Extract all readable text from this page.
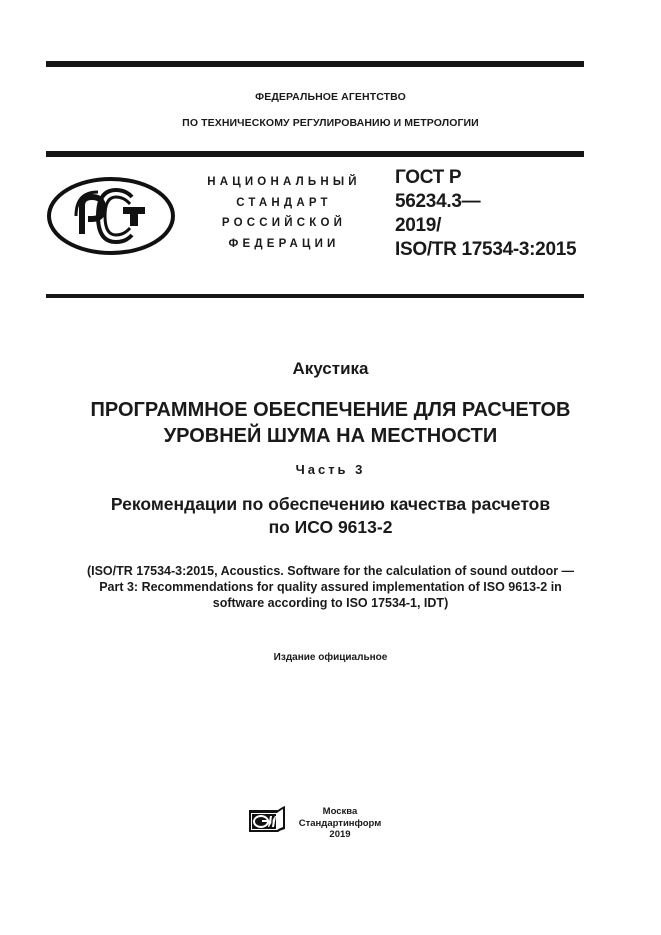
ФЕДЕРАЛЬНОЕ АГЕНТСТВО
ПО ТЕХНИЧЕСКОМУ РЕГУЛИРОВАНИЮ И МЕТРОЛОГИИ
НАЦИОНАЛЬНЫЙ
СТАНДАРТ
РОССИЙСКОЙ
ФЕДЕРАЦИИ
ГОСТ Р
56234.3—
2019/
ISO/TR 17534-3:2015
Акустика
ПРОГРАММНОЕ ОБЕСПЕЧЕНИЕ ДЛЯ РАСЧЕТОВ
УРОВНЕЙ ШУМА НА МЕСТНОСТИ
Часть 3
Рекомендации по обеспечению качества расчетов
по ИСО 9613-2
(ISO/TR 17534-3:2015, Acoustics. Software for the calculation of sound outdoor —
Part 3: Recommendations for quality assured implementation of ISO 9613-2 in
software according to ISO 17534-1, IDT)
Издание официальное
Москва
Стандартинформ
2019
